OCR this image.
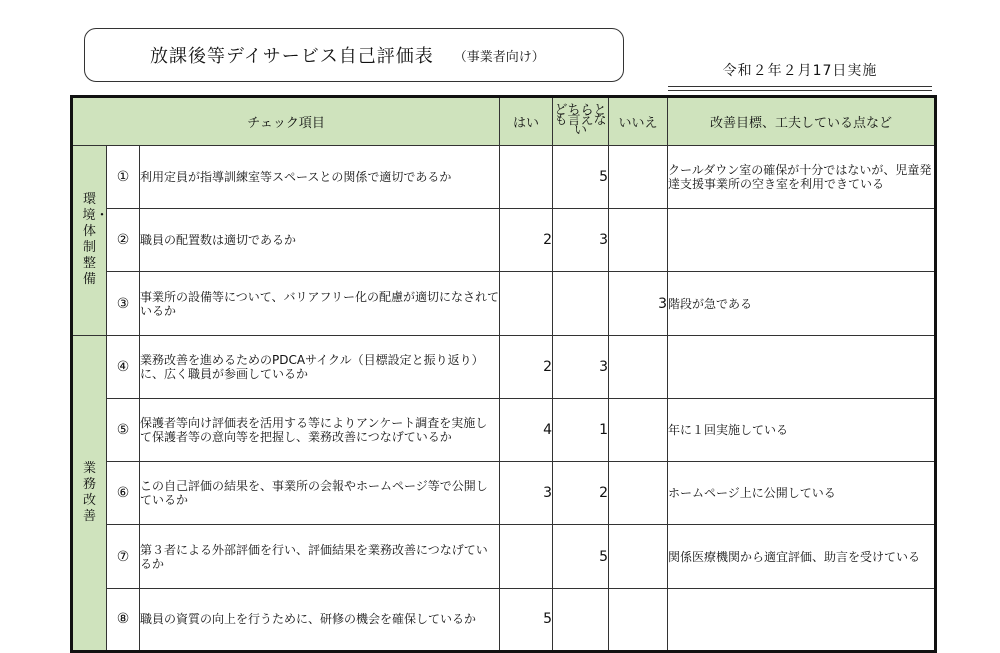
放課後等デイサービス自己評価表 （事業者向け）
令和２年２月17日実施
チェック項目			はい	どちらとも言えない	いいえ	改善目標、工夫している点など
環境・体制整備	①	利用定員が指導訓練室等スペースとの関係で適切であるか		5		クールダウン室の確保が十分ではないが、児童発達支援事業所の空き室を利用できている
	②	職員の配置数は適切であるか	2	3		
	③	事業所の設備等について、バリアフリー化の配慮が適切になされているか			3	階段が急である
業務改善	④	業務改善を進めるためのPDCAサイクル（目標設定と振り返り）に、広く職員が参画しているか	2	3		
	⑤	保護者等向け評価表を活用する等によりアンケート調査を実施して保護者等の意向等を把握し、業務改善につなげているか	4	1		年に１回実施している
	⑥	この自己評価の結果を、事業所の会報やホームページ等で公開しているか	3	2		ホームページ上に公開している
	⑦	第３者による外部評価を行い、評価結果を業務改善につなげているか		5		関係医療機関から適宜評価、助言を受けている
	⑧	職員の資質の向上を行うために、研修の機会を確保しているか	5			
